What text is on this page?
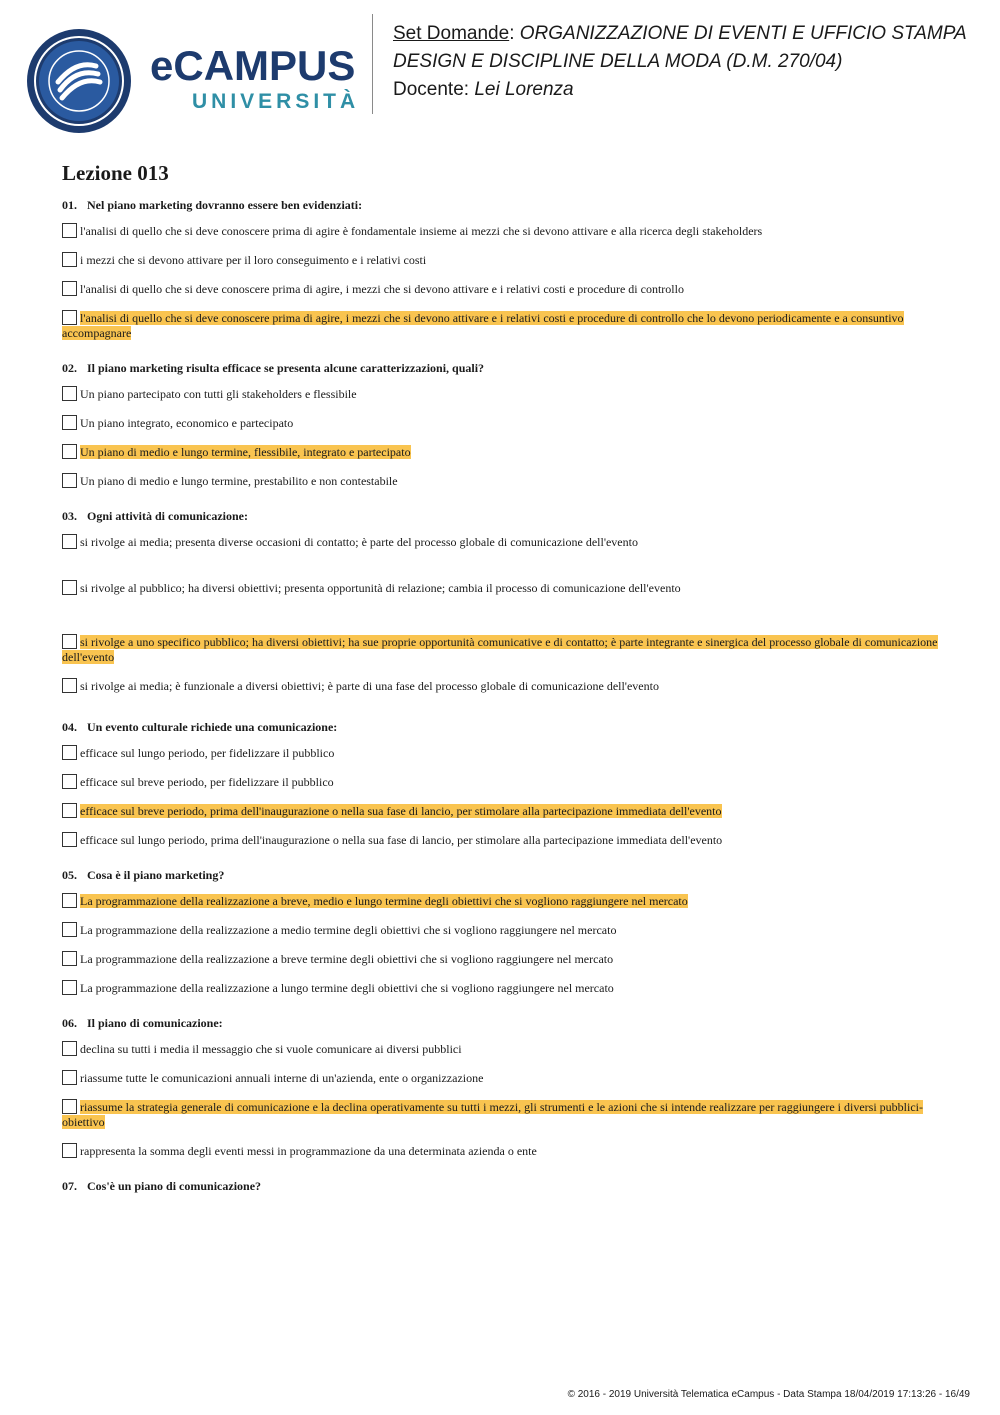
eCAMPUS
UNIVERSITÀ
Set Domande: ORGANIZZAZIONE DI EVENTI E UFFICIO STAMPA
DESIGN E DISCIPLINE DELLA MODA (D.M. 270/04)
Docente: Lei Lorenza
Lezione 013
01. Nel piano marketing dovranno essere ben evidenziati:
l'analisi di quello che si deve conoscere prima di agire è fondamentale insieme ai mezzi che si devono attivare e alla ricerca degli stakeholders
i mezzi che si devono attivare per il loro conseguimento e i relativi costi
l'analisi di quello che si deve conoscere prima di agire, i mezzi che si devono attivare e i relativi costi e procedure di controllo
l'analisi di quello che si deve conoscere prima di agire, i mezzi che si devono attivare e i relativi costi e procedure di controllo che lo devono periodicamente e a consuntivo accompagnare
02. Il piano marketing risulta efficace se presenta alcune caratterizzazioni, quali?
Un piano partecipato con tutti gli stakeholders e flessibile
Un piano integrato, economico e partecipato
Un piano di medio e lungo termine, flessibile, integrato e partecipato
Un piano di medio e lungo termine, prestabilito e non contestabile
03. Ogni attività di comunicazione:
si rivolge ai media; presenta diverse occasioni di contatto; è parte del processo globale di comunicazione dell'evento
si rivolge al pubblico; ha diversi obiettivi; presenta opportunità di relazione; cambia il processo di comunicazione dell'evento
si rivolge a uno specifico pubblico; ha diversi obiettivi; ha sue proprie opportunità comunicative e di contatto; è parte integrante e sinergica del processo globale di comunicazione dell'evento
si rivolge ai media; è funzionale a diversi obiettivi; è parte di una fase del processo globale di comunicazione dell'evento
04. Un evento culturale richiede una comunicazione:
efficace sul lungo periodo, per fidelizzare il pubblico
efficace sul breve periodo, per fidelizzare il pubblico
efficace sul breve periodo, prima dell'inaugurazione o nella sua fase di lancio, per stimolare alla partecipazione immediata dell'evento
efficace sul lungo periodo, prima dell'inaugurazione o nella sua fase di lancio, per stimolare alla partecipazione immediata dell'evento
05. Cosa è il piano marketing?
La programmazione della realizzazione a breve, medio e lungo termine degli obiettivi che si vogliono raggiungere nel mercato
La programmazione della realizzazione a medio termine degli obiettivi che si vogliono raggiungere nel mercato
La programmazione della realizzazione a breve termine degli obiettivi che si vogliono raggiungere nel mercato
La programmazione della realizzazione a lungo termine degli obiettivi che si vogliono raggiungere nel mercato
06. Il piano di comunicazione:
declina su tutti i media il messaggio che si vuole comunicare ai diversi pubblici
riassume tutte le comunicazioni annuali interne di un'azienda, ente o organizzazione
riassume la strategia generale di comunicazione e la declina operativamente su tutti i mezzi, gli strumenti e le azioni che si intende realizzare per raggiungere i diversi pubblici-obiettivo
rappresenta la somma degli eventi messi in programmazione da una determinata azienda o ente
07. Cos'è un piano di comunicazione?
© 2016 - 2019 Università Telematica eCampus - Data Stampa 18/04/2019 17:13:26 - 16/49
